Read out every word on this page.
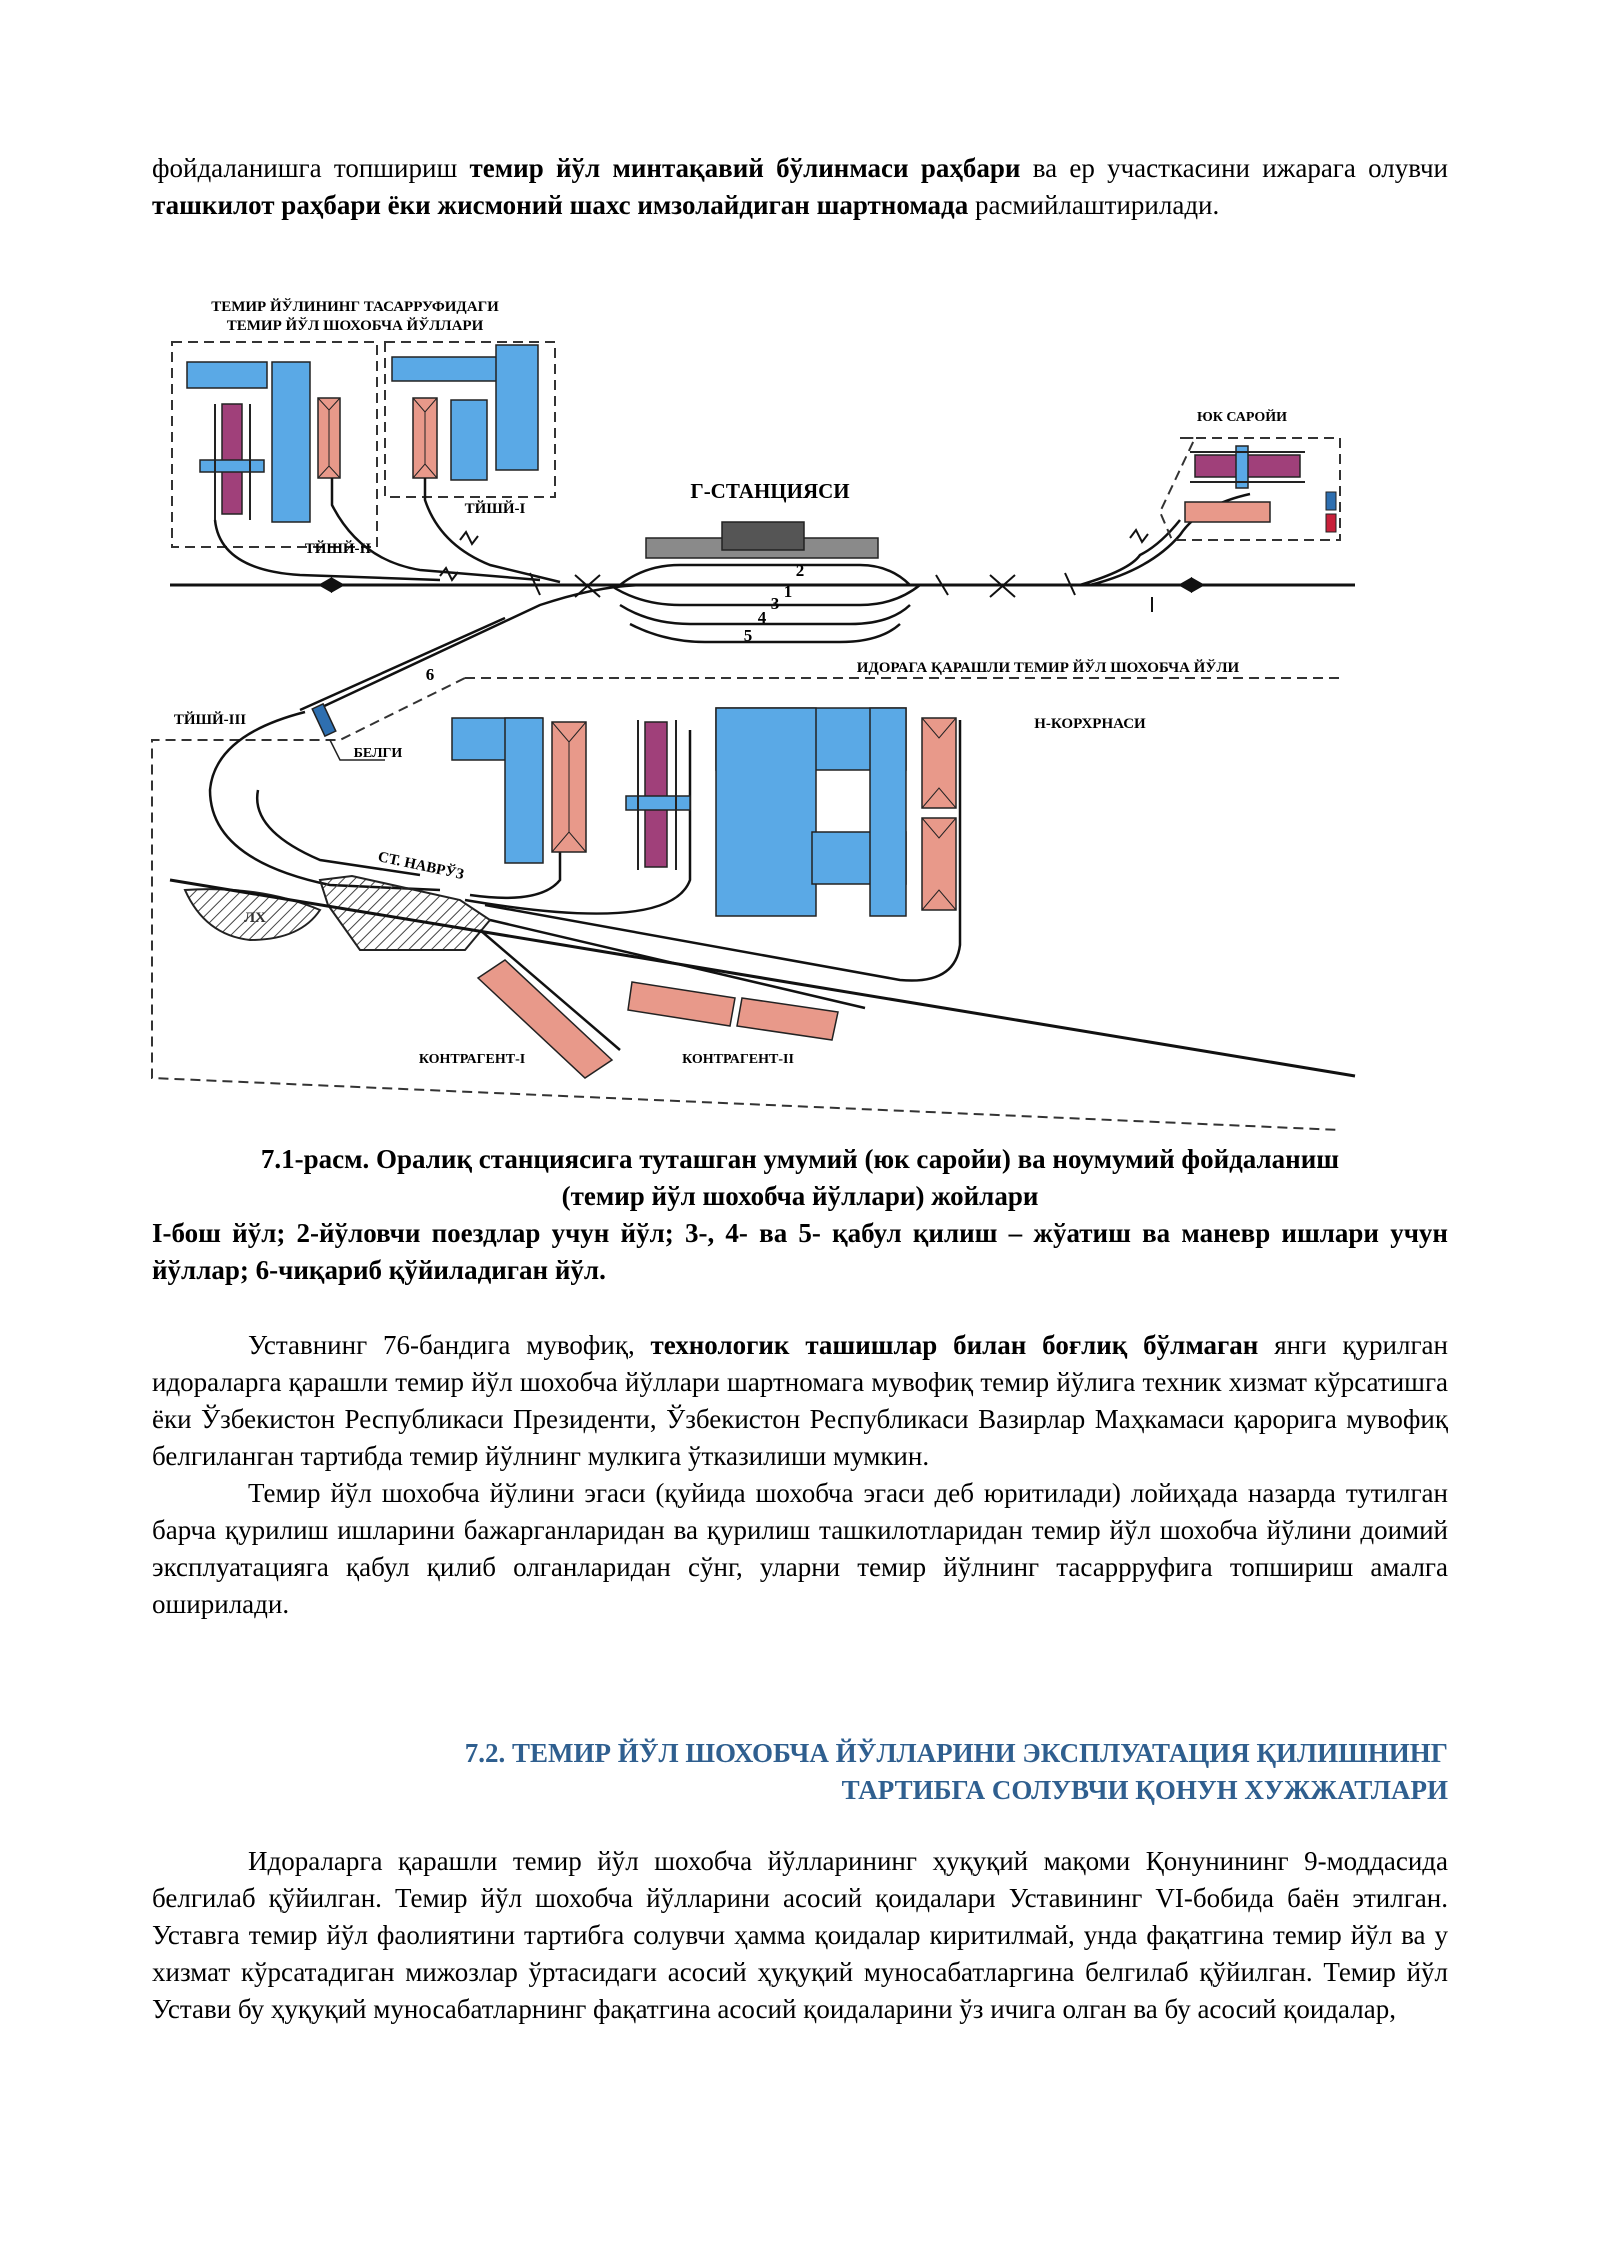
фойдаланишга топшириш темир йўл минтақавий бўлинмаси раҳбари ва ер участкасини ижарага олувчи ташкилот раҳбари ёки жисмоний шахс имзолайдиган шартномада расмийлаштирилади.
ТЕМИР ЙЎЛИНИНГ ТАСАРРУФИДАГИ
ТЕМИР ЙЎЛ ШОХОБЧА ЙЎЛЛАРИ
ТЙШЙ-І
ТЙШЙ-ІІ
Г-СТАНЦИЯСИ
2
1
3
4
5
ЮК САРОЙИ
6	ИДОРАГА ҚАРАШЛИ ТЕМИР ЙЎЛ ШОХОБЧА ЙЎЛИ
ТЙШЙ-ІІІ	Н-КОРХРНАСИ
БЕЛГИ
СТ. НАВРЎЗ
ЛХ
КОНТРАГЕНТ-І	КОНТРАГЕНТ-ІІ
7.1-расм. Оралиқ станциясига туташган умумий (юк саройи) ва ноумумий фойдаланиш
(темир йўл шохобча йўллари) жойлари
І-бош йўл; 2-йўловчи поездлар учун йўл; 3-, 4- ва 5- қабул қилиш – жўатиш ва маневр ишлари учун йўллар; 6-чиқариб қўйиладиган йўл.
Уставнинг 76-бандига мувофиқ, технологик ташишлар билан боғлиқ бўлмаган янги қурилган идораларга қарашли темир йўл шохобча йўллари шартномага мувофиқ темир йўлига техник хизмат кўрсатишга ёки Ўзбекистон Республикаси Президенти, Ўзбекистон Республикаси Вазирлар Маҳкамаси қарорига мувофиқ белгиланган тартибда темир йўлнинг мулкига ўтказилиши мумкин.
Темир йўл шохобча йўлини эгаси (қуйида шохобча эгаси деб юритилади) лойиҳада назарда тутилган барча қурилиш ишларини бажарганларидан ва қурилиш ташкилотларидан темир йўл шохобча йўлини доимий эксплуатацияга қабул қилиб олганларидан сўнг, уларни темир йўлнинг тасаррруфига топшириш амалга оширилади.
7.2. ТЕМИР ЙЎЛ ШОХОБЧА ЙЎЛЛАРИНИ ЭКСПЛУАТАЦИЯ ҚИЛИШНИНГ
ТАРТИБГА СОЛУВЧИ ҚОНУН ХУЖЖАТЛАРИ
Идораларга қарашли темир йўл шохобча йўлларининг ҳуқуқий мақоми Қонунининг 9-моддасида белгилаб қўйилган. Темир йўл шохобча йўлларини асосий қоидалари Уставининг VI-бобида баён этилган. Уставга темир йўл фаолиятини тартибга солувчи ҳамма қоидалар киритилмай, унда фақатгина темир йўл ва у хизмат кўрсатадиган мижозлар ўртасидаги асосий ҳуқуқий муносабатларгина белгилаб қўйилган. Темир йўл Устави бу ҳуқуқий муносабатларнинг фақатгина асосий қоидаларини ўз ичига олган ва бу асосий қоидалар,
